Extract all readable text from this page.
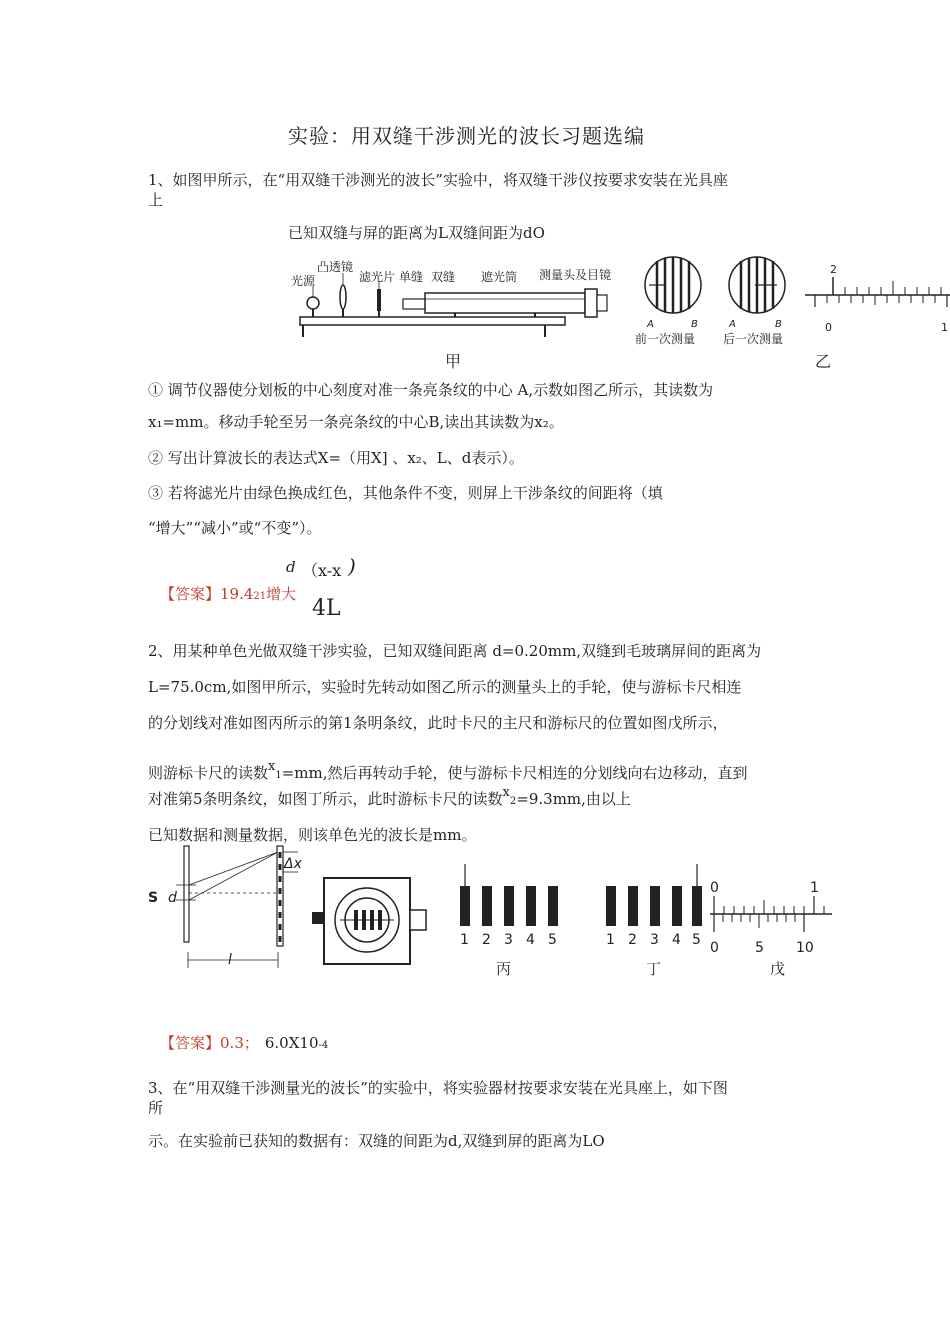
实验：用双缝干涉测光的波长习题选编
1、如图甲所示，在“用双缝干涉测光的波长”实验中，将双缝干涉仪按要求安装在光具座
上
已知双缝与屏的距离为L双缝间距为dO
光源
凸透镜
滤光片 单缝 双缝 遮光筒 测量头及目镜
甲
A	B	A	B
前一次测量 后一次测量
2
0	1
乙
① 调节仪器使分划板的中心刻度对准一条亮条纹的中心 A,示数如图乙所示，其读数为
x₁=mm。移动手轮至另一条亮条纹的中心B,读出其读数为x₂。
② 写出计算波长的表达式X=（用X] 、x₂、L、d表示）。
③ 若将滤光片由绿色换成红色，其他条件不变，则屏上干涉条纹的间距将（填
“增大”“减小”或“不变”）。
d （x-x )
【答案】19.421增大
4L
2、用某种单色光做双缝干涉实验，已知双缝间距离 d=0.20mm,双缝到毛玻璃屏间的距离为
L=75.0cm,如图甲所示，实验时先转动如图乙所示的测量头上的手轮，使与游标卡尺相连
的分划线对准如图丙所示的第1条明条纹，此时卡尺的主尺和游标尺的位置如图戊所示，
则游标卡尺的读数x1=mm,然后再转动手轮，使与游标卡尺相连的分划线向右边移动，直到
对准第5条明条纹，如图丁所示，此时游标卡尺的读数x2=9.3mm,由以上
已知数据和测量数据，则该单色光的波长是mm。
S d
Δx
l
1 2 3 4 5
丙
1 2 3 4 5
丁
0	1
0	5 10
戊
【答案】0.3； 6.0X10-4
3、在“用双缝干涉测量光的波长”的实验中，将实验器材按要求安装在光具座上，如下图
所
示。在实验前已获知的数据有：双缝的间距为d,双缝到屏的距离为LO
